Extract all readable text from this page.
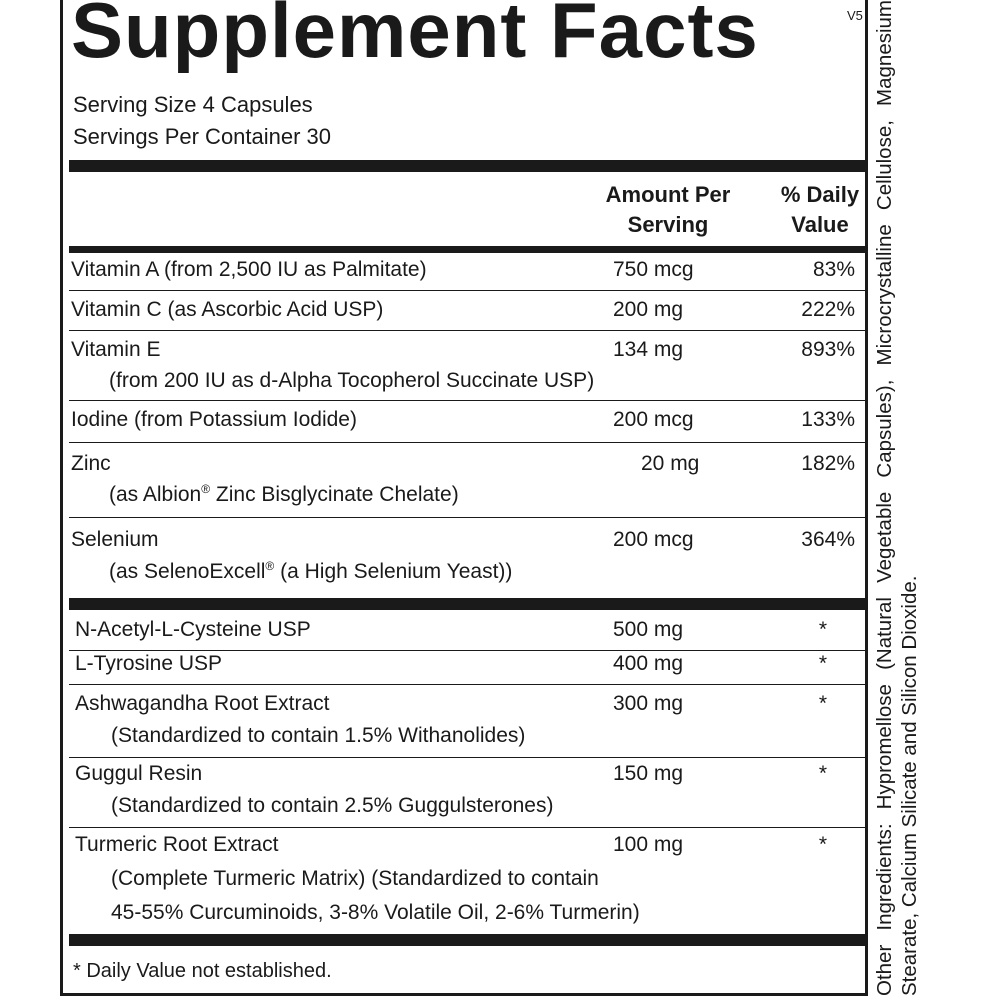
Supplement Facts	V5
Serving Size 4 Capsules
Servings Per Container 30
Amount Per
Serving
% Daily
Value
Vitamin A (from 2,500 IU as Palmitate)	750 mcg	83%
Vitamin C (as Ascorbic Acid USP)	200 mg	222%
Vitamin E	134 mg	893%
(from 200 IU as d-Alpha Tocopherol Succinate USP)
Iodine (from Potassium Iodide)	200 mcg	133%
Zinc	20 mg	182%
(as Albion® Zinc Bisglycinate Chelate)
Selenium	200 mcg	364%
(as SelenoExcell® (a High Selenium Yeast))
N-Acetyl-L-Cysteine USP	500 mg	*
L-Tyrosine USP	400 mg	*
Ashwagandha Root Extract	300 mg	*
(Standardized to contain 1.5% Withanolides)
Guggul Resin	150 mg	*
(Standardized to contain 2.5% Guggulsterones)
Turmeric Root Extract	100 mg	*
(Complete Turmeric Matrix) (Standardized to contain
45-55% Curcuminoids, 3-8% Volatile Oil, 2-6% Turmerin)
* Daily Value not established.	Other Ingredients: Hypromellose (Natural Vegetable Capsules), Microcrystalline Cellulose, Magnesium Stearate, Calcium Silicate and Silicon Dioxide.
